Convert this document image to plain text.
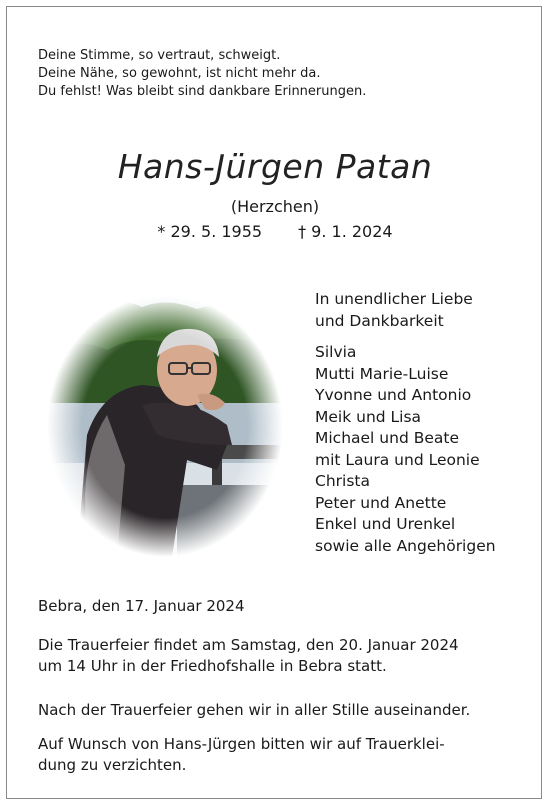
Deine Stimme, so vertraut, schweigt.
Deine Nähe, so gewohnt, ist nicht mehr da.
Du fehlst! Was bleibt sind dankbare Erinnerungen.
Hans-Jürgen Patan
(Herzchen)
* 29. 5. 1955 † 9. 1. 2024
In unendlicher Liebe
und Dankbarkeit
Silvia
Mutti Marie-Luise
Yvonne und Antonio
Meik und Lisa
Michael und Beate
mit Laura und Leonie
Christa
Peter und Anette
Enkel und Urenkel
sowie alle Angehörigen
Bebra, den 17. Januar 2024
Die Trauerfeier findet am Samstag, den 20. Januar 2024
um 14 Uhr in der Friedhofshalle in Bebra statt.
Nach der Trauerfeier gehen wir in aller Stille auseinander.
Auf Wunsch von Hans-Jürgen bitten wir auf Trauerklei-
dung zu verzichten.
